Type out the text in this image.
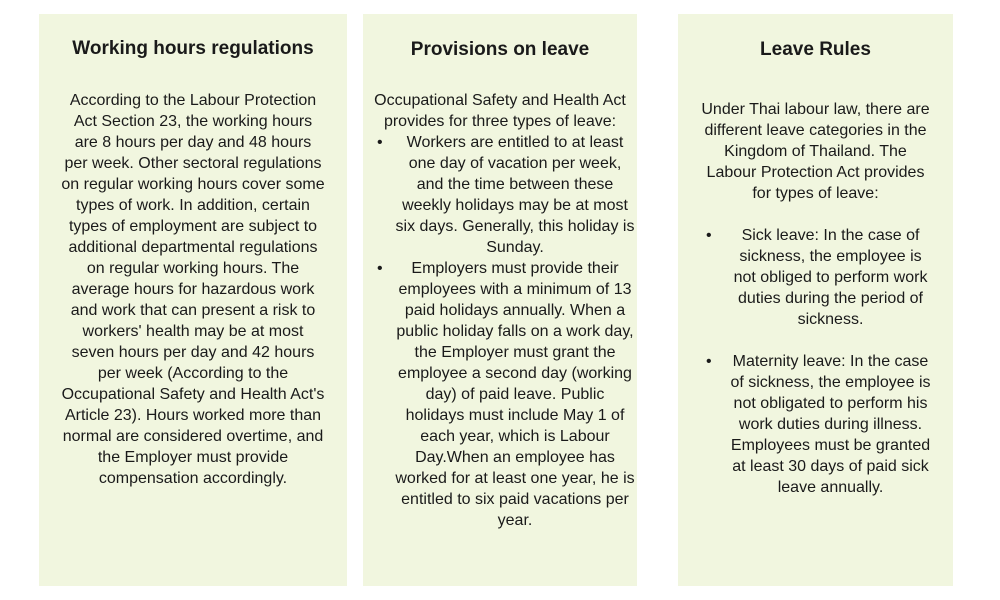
Working hours regulations
According to the Labour Protection Act Section 23, the working hours are 8 hours per day and 48 hours per week. Other sectoral regulations on regular working hours cover some types of work. In addition, certain types of employment are subject to additional departmental regulations on regular working hours. The average hours for hazardous work and work that can present a risk to workers' health may be at most seven hours per day and 42 hours per week (According to the Occupational Safety and Health Act's Article 23). Hours worked more than normal are considered overtime, and the Employer must provide compensation accordingly.
Provisions on leave
Occupational Safety and Health Act provides for three types of leave:
• Workers are entitled to at least one day of vacation per week, and the time between these weekly holidays may be at most six days. Generally, this holiday is Sunday.
• Employers must provide their employees with a minimum of 13 paid holidays annually. When a public holiday falls on a work day, the Employer must grant the employee a second day (working day) of paid leave. Public holidays must include May 1 of each year, which is Labour Day.When an employee has worked for at least one year, he is entitled to six paid vacations per year.
Leave Rules
Under Thai labour law, there are different leave categories in the Kingdom of Thailand. The Labour Protection Act provides for types of leave:
• Sick leave: In the case of sickness, the employee is not obliged to perform work duties during the period of sickness.
• Maternity leave: In the case of sickness, the employee is not obligated to perform his work duties during illness. Employees must be granted at least 30 days of paid sick leave annually.
